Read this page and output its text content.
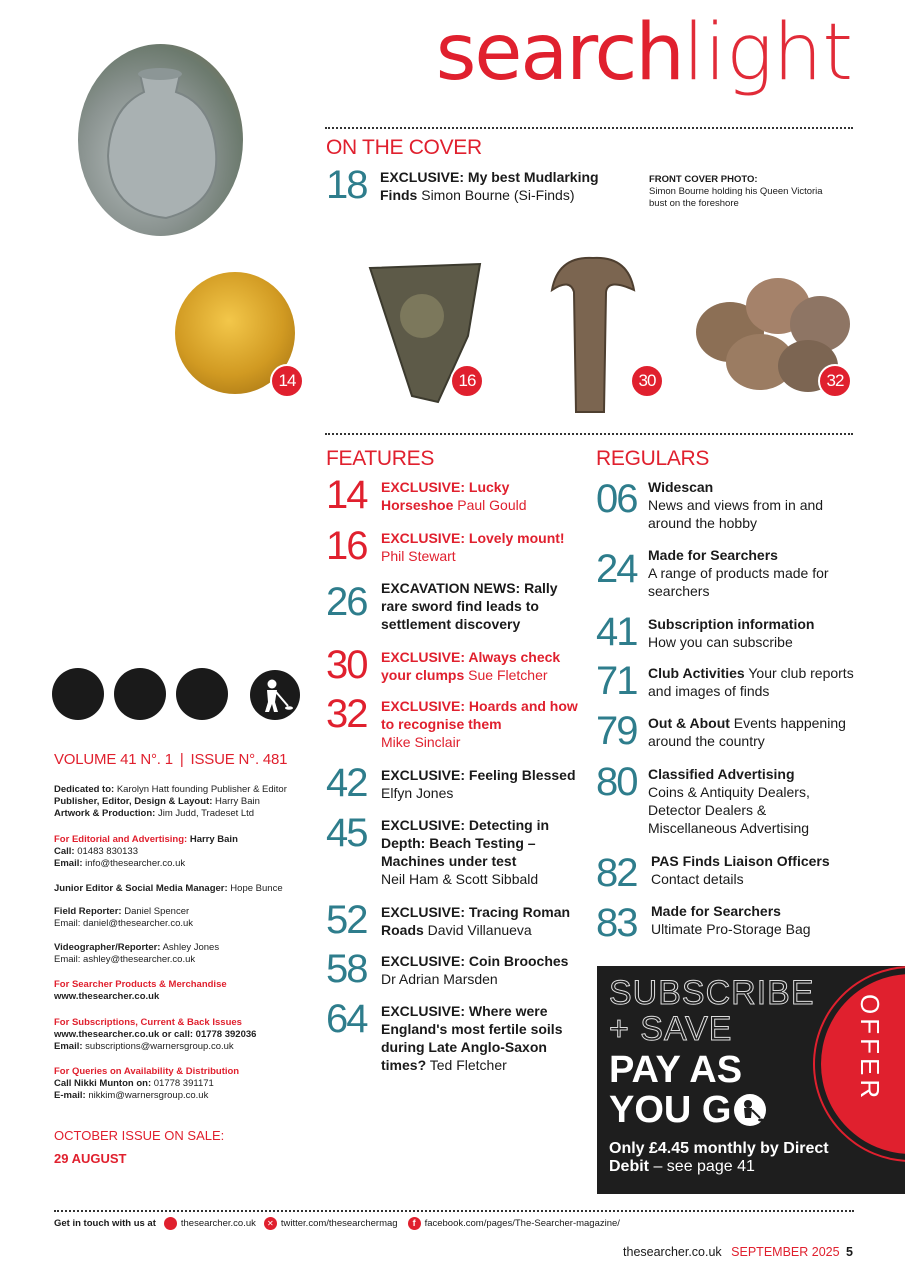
searchlight
ON THE COVER
18 EXCLUSIVE: My best Mudlarking Finds Simon Bourne (Si-Finds)
FRONT COVER PHOTO:
Simon Bourne holding his Queen Victoria bust on the foreshore
14	16	30	32
FEATURES
14	EXCLUSIVE: Lucky Horseshoe Paul Gould
16	EXCLUSIVE: Lovely mount!
Phil Stewart
26	EXCAVATION NEWS: Rally rare sword find leads to settlement discovery
30	EXCLUSIVE: Always check your clumps Sue Fletcher
32	EXCLUSIVE: Hoards and how to recognise them
Mike Sinclair
42	EXCLUSIVE: Feeling Blessed Elfyn Jones
45	EXCLUSIVE: Detecting in Depth: Beach Testing – Machines under test
Neil Ham & Scott Sibbald
52	EXCLUSIVE: Tracing Roman Roads David Villanueva
58	EXCLUSIVE: Coin Brooches
Dr Adrian Marsden
64	EXCLUSIVE: Where were England's most fertile soils during Late Anglo-Saxon times? Ted Fletcher
REGULARS
06 Widescan
News and views from in and around the hobby
24 Made for Searchers
A range of products made for searchers
41 Subscription information
How you can subscribe
71 Club Activities Your club reports and images of finds
79 Out & About Events happening around the country
80 Classified Advertising
Coins & Antiquity Dealers, Detector Dealers & Miscellaneous Advertising
82	PAS Finds Liaison Officers
Contact details
83	Made for Searchers
Ultimate Pro-Storage Bag
OFFER
SUBSCRIBE
+ SAVE
PAY AS
YOU G
Only £4.45 monthly by Direct Debit – see page 41
VOLUME 41 N°. 1 | ISSUE N°. 481
Dedicated to: Karolyn Hatt founding Publisher & Editor
Publisher, Editor, Design & Layout: Harry Bain
Artwork & Production: Jim Judd, Tradeset Ltd
For Editorial and Advertising: Harry Bain
Call: 01483 830133
Email: info@thesearcher.co.uk
Junior Editor & Social Media Manager: Hope Bunce
Field Reporter: Daniel Spencer
Email: daniel@thesearcher.co.uk
Videographer/Reporter: Ashley Jones
Email: ashley@thesearcher.co.uk
For Searcher Products & Merchandise
www.thesearcher.co.uk
For Subscriptions, Current & Back Issues
www.thesearcher.co.uk or call: 01778 392036
Email: subscriptions@warnersgroup.co.uk
For Queries on Availability & Distribution
Call Nikki Munton on: 01778 391171
E-mail: nikkim@warnersgroup.co.uk
OCTOBER ISSUE ON SALE:
29 AUGUST
Get in touch with us at	thesearcher.co.uk	✕ twitter.com/thesearchermag	f facebook.com/pages/The-Searcher-magazine/
thesearcher.co.uk SEPTEMBER 2025 5
